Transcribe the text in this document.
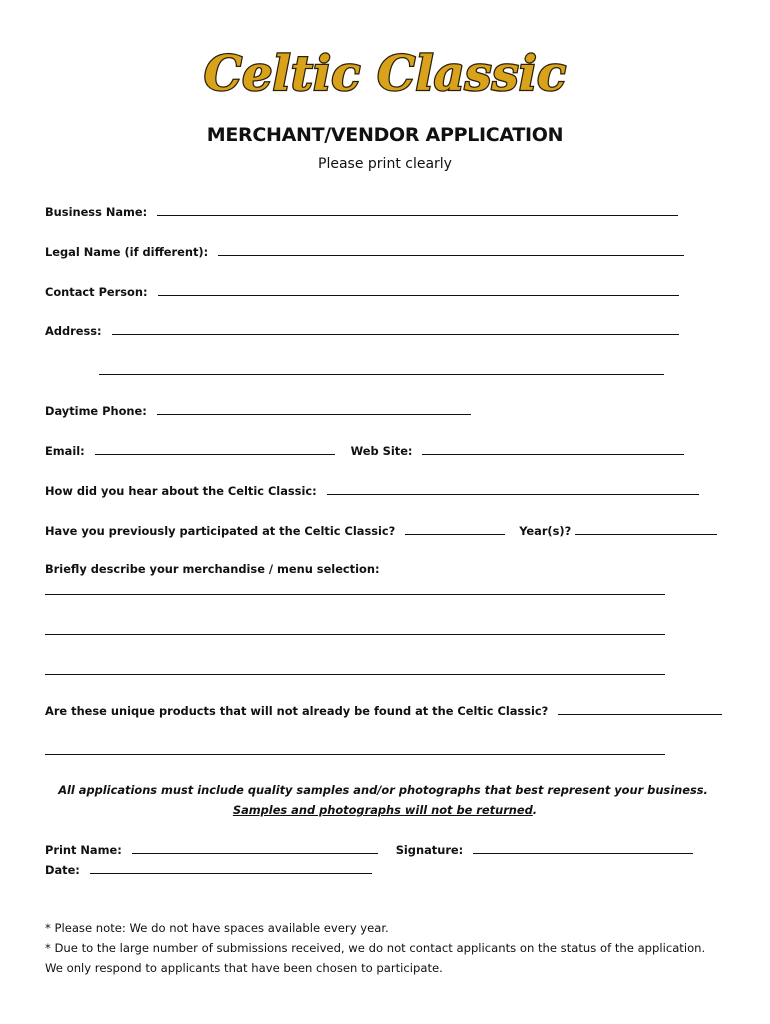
Celtic Classic
MERCHANT/VENDOR APPLICATION
Please print clearly
Business Name:
Legal Name (if different):
Contact Person:
Address:
Daytime Phone:
Email:	Web Site:
How did you hear about the Celtic Classic:
Have you previously participated at the Celtic Classic?	Year(s)?
Briefly describe your merchandise / menu selection:
Are these unique products that will not already be found at the Celtic Classic?
All applications must include quality samples and/or photographs that best represent your business.  Samples and photographs will not be returned.
Print Name:	Signature:
Date:
* Please note: We do not have spaces available every year.
* Due to the large number of submissions received, we do not contact applicants on the status of the application. We only respond to applicants that have been chosen to participate.
